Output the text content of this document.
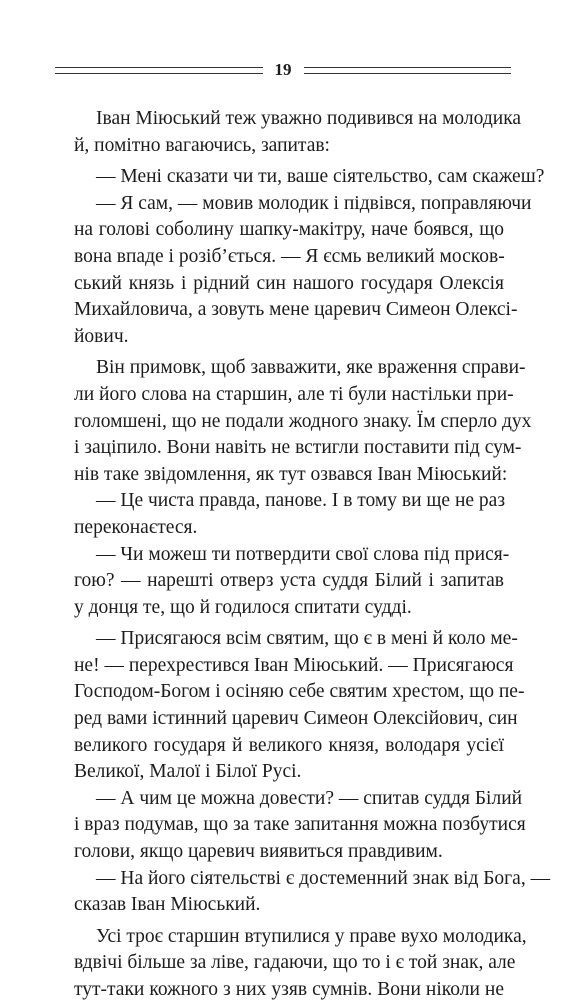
19

Іван Міюський теж уважно подивився на молодика
й, помітно вагаючись, запитав:

— Мені сказати чи ти, ваше сіятельство, сам скажеш?

— Я сам, — мовив молодик і підвівся, поправляючи
на голові соболину шапку-макітру, наче боявся, що
вона впаде і розіб’ється. — Я єсмь великий москов-
ський князь і рідний син нашого государя Олексія
Михайловича, а зовуть мене царевич Симеон Олексі-
йович.

Він примовк, щоб завважити, яке враження справи-
ли його слова на старшин, але ті були настільки при-
голомшені, що не подали жодного знаку. Їм сперло дух
і заціпило. Вони навіть не встигли поставити під сум-
нів таке звідомлення, як тут озвався Іван Міюський:

— Це чиста правда, панове. І в тому ви ще не раз
переконаєтеся.

— Чи можеш ти потвердити свої слова під прися-
гою? — нарешті отверз уста суддя Білий і запитав
у донця те, що й годилося спитати судді.

— Присягаюся всім святим, що є в мені й коло ме-
не! — перехрестився Іван Міюський. — Присягаюся
Господом-Богом і осіняю себе святим хрестом, що пе-
ред вами істинний царевич Симеон Олексійович, син
великого государя й великого князя, володаря усієї
Великої, Малої і Білої Русі.

— А чим це можна довести? — спитав суддя Білий
і враз подумав, що за таке запитання можна позбутися
голови, якщо царевич виявиться правдивим.

— На його сіятельстві є достеменний знак від Бога, —
сказав Іван Міюський.

Усі троє старшин втупилися у праве вухо молодика,
вдвічі більше за ліве, гадаючи, що то і є той знак, але
тут-таки кожного з них узяв сумнів. Вони ніколи не
